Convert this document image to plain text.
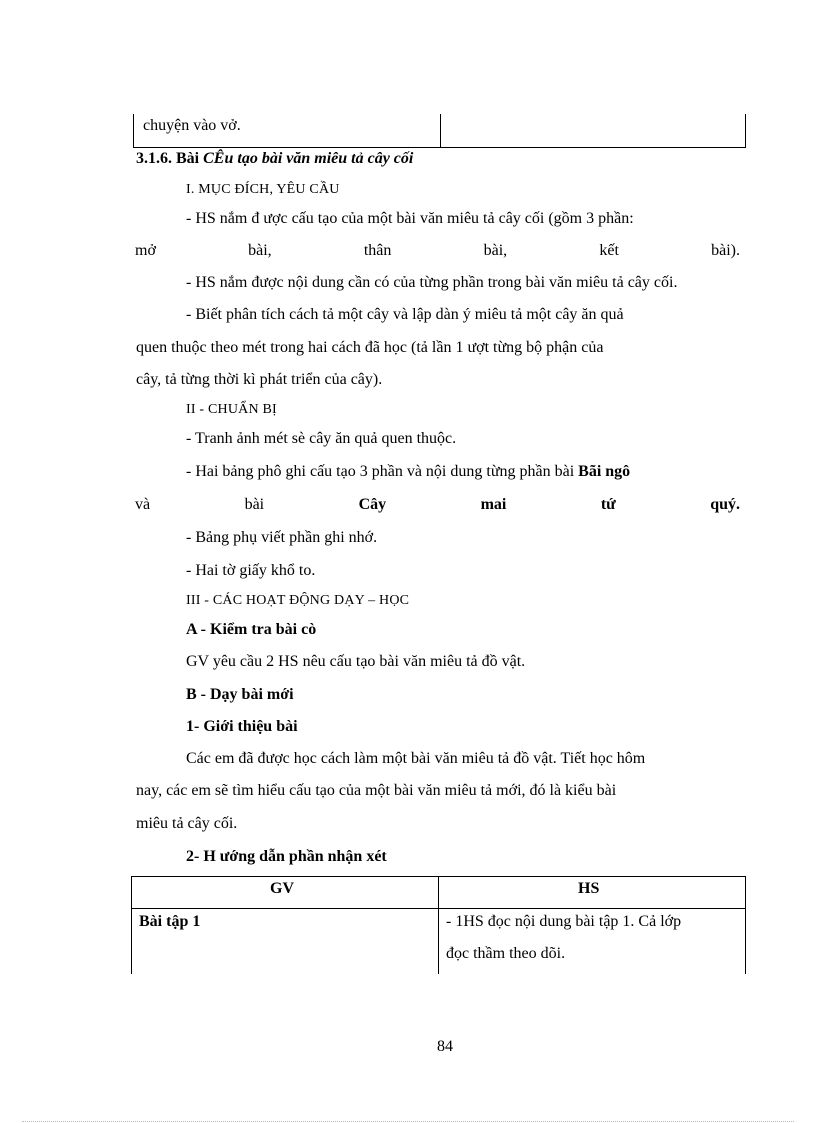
chuyện vào vở.
3.1.6. Bài CÊu tạo bài văn miêu tả cây cối
I. MỤC ĐÍCH, YÊU CẦU
- HS nắm đ ược cấu tạo của một bài văn miêu tả cây cối (gồm 3 phần:
mở	bài,	thân	bài,	kết	bài).
- HS nắm được nội dung cần có của từng phần trong bài văn miêu tả cây cối.
- Biết phân tích cách tả một cây và lập dàn ý miêu tả một cây ăn quả
quen thuộc theo mét trong hai cách đã học (tả lần 1 ượt từng bộ phận của
cây, tả từng thời kì phát triển của cây).
II - CHUẨN BỊ
- Tranh ảnh mét sè cây ăn quả quen thuộc.
- Hai bảng phô ghi cấu tạo 3 phần và nội dung từng phần bài Bãi ngô
và	bài	Cây	mai	tứ	quý.
- Bảng phụ viết phần ghi nhớ.
- Hai tờ giấy khổ to.
III - CÁC HOẠT ĐỘNG DẠY – HỌC
A - Kiểm tra bài cò
GV yêu cầu 2 HS nêu cấu tạo bài văn miêu tả đồ vật.
B - Dạy bài mới
1- Giới thiệu bài
Các em đã được học cách làm một bài văn miêu tả đồ vật. Tiết học hôm
nay, các em sẽ tìm hiểu cấu tạo của một bài văn miêu tả mới, đó là kiểu bài
miêu tả cây cối.
2- H ướng dẫn phần nhận xét
GV	HS
Bài tập 1	- 1HS đọc nội dung bài tập 1. Cả lớp
đọc thầm theo dõi.
84
